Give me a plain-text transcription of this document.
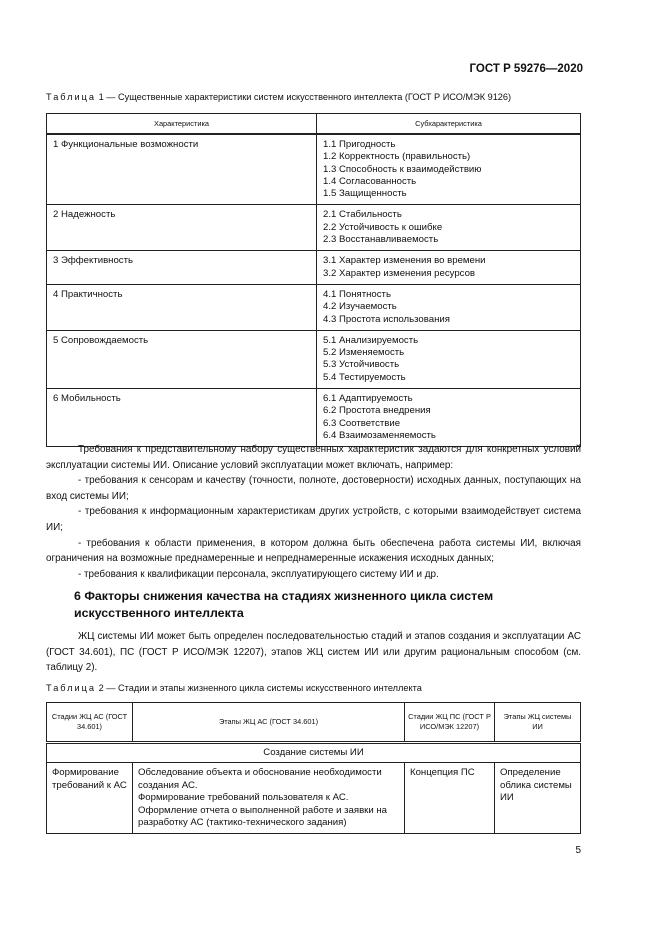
ГОСТ Р 59276—2020
Таблица 1 — Существенные характеристики систем искусственного интеллекта (ГОСТ Р ИСО/МЭК 9126)
Характеристика	Субхарактеристика
1 Функциональные возможности	1.1 Пригодность
1.2 Корректность (правильность)
1.3 Способность к взаимодействию
1.4 Согласованность
1.5 Защищенность

2 Надежность	2.1 Стабильность
2.2 Устойчивость к ошибке
2.3 Восстанавливаемость

3 Эффективность	3.1 Характер изменения во времени
3.2 Характер изменения ресурсов

4 Практичность	4.1 Понятность
4.2 Изучаемость
4.3 Простота использования

5 Сопровождаемость	5.1 Анализируемость
5.2 Изменяемость
5.3 Устойчивость
5.4 Тестируемость

6 Мобильность	6.1 Адаптируемость
6.2 Простота внедрения
6.3 Соответствие
6.4 Взаимозаменяемость

Требования к представительному набору существенных характеристик задаются для конкретных условий эксплуатации системы ИИ. Описание условий эксплуатации может включать, например:

- требования к сенсорам и качеству (точности, полноте, достоверности) исходных данных, поступающих на вход системы ИИ;

- требования к информационным характеристикам других устройств, с которыми взаимодействует система ИИ;

- требования к области применения, в котором должна быть обеспечена работа системы ИИ, включая ограничения на возможные преднамеренные и непреднамеренные искажения исходных данных;

- требования к квалификации персонала, эксплуатирующего систему ИИ и др.

6 Факторы снижения качества на стадиях жизненного цикла систем искусственного интеллекта

ЖЦ системы ИИ может быть определен последовательностью стадий и этапов создания и эксплуатации АС (ГОСТ 34.601), ПС (ГОСТ Р ИСО/МЭК 12207), этапов ЖЦ систем ИИ или другим рациональным способом (см. таблицу 2).

Таблица 2 — Стадии и этапы жизненного цикла системы искусственного интеллекта
Стадии ЖЦ АС (ГОСТ 34.601)	Этапы ЖЦ АС (ГОСТ 34.601)	Стадии ЖЦ ПС (ГОСТ Р ИСО/МЭК 12207)	Этапы ЖЦ системы ИИ
Создание системы ИИ			
Формирование требований к АС	Обследование объекта и обоснование необходимости создания АС.
Формирование требований пользователя к АС.
Оформление отчета о выполненной работе и заявки на разработку АС (тактико-технического задания)	Концепция ПС	Определение облика системы ИИ
5
